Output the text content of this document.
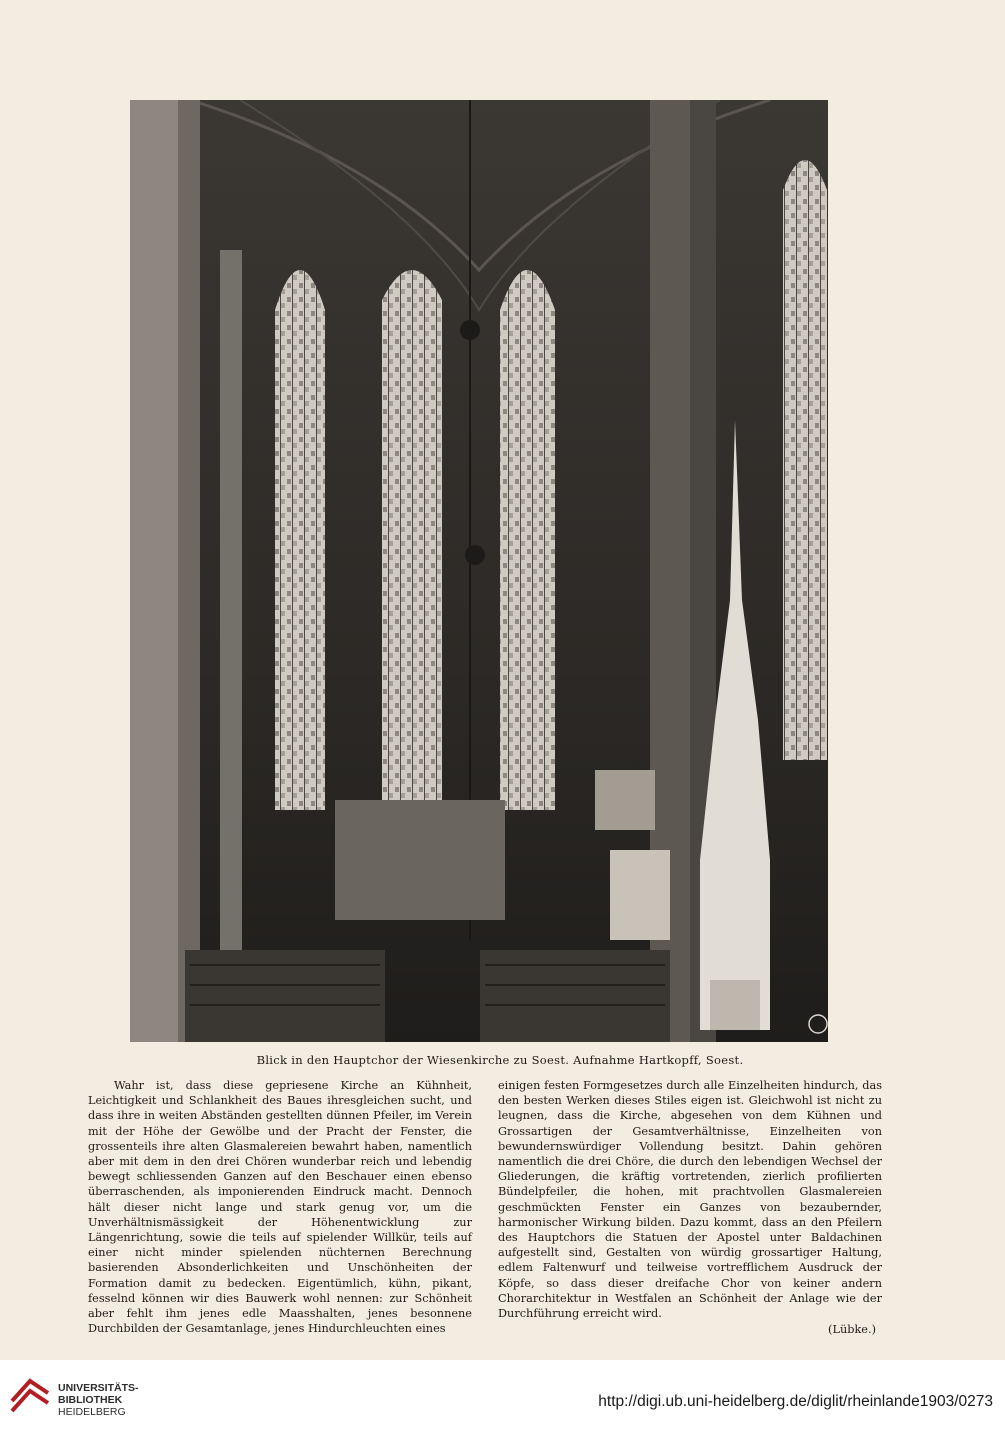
Blick in den Hauptchor der Wiesenkirche zu Soest. Aufnahme Hartkopff, Soest.

Wahr ist, dass diese gepriesene Kirche an Kühnheit, Leichtigkeit und Schlankheit des Baues ihresgleichen sucht, und dass ihre in weiten Abständen gestellten dünnen Pfeiler, im Verein mit der Höhe der Gewölbe und der Pracht der Fenster, die grossenteils ihre alten Glasmalereien bewahrt haben, namentlich aber mit dem in den drei Chören wunderbar reich und lebendig bewegt schliessenden Ganzen auf den Beschauer einen ebenso überraschenden, als imponierenden Eindruck macht. Dennoch hält dieser nicht lange und stark genug vor, um die Unverhältnismässigkeit der Höhenentwicklung zur Längenrichtung, sowie die teils auf spielender Willkür, teils auf einer nicht minder spielenden nüchternen Berechnung basierenden Absonderlichkeiten und Unschönheiten der Formation damit zu bedecken. Eigentümlich, kühn, pikant, fesselnd können wir dies Bauwerk wohl nennen: zur Schönheit aber fehlt ihm jenes edle Maasshalten, jenes besonnene Durchbilden der Gesamtanlage, jenes Hindurchleuchten eines

einigen festen Formgesetzes durch alle Einzelheiten hindurch, das den besten Werken dieses Stiles eigen ist. Gleichwohl ist nicht zu leugnen, dass die Kirche, abgesehen von dem Kühnen und Grossartigen der Gesamtverhältnisse, Einzelheiten von bewundernswürdiger Vollendung besitzt. Dahin gehören namentlich die drei Chöre, die durch den lebendigen Wechsel der Gliederungen, die kräftig vortretenden, zierlich profilierten Bündelpfeiler, die hohen, mit prachtvollen Glasmalereien geschmückten Fenster ein Ganzes von bezaubernder, harmonischer Wirkung bilden. Dazu kommt, dass an den Pfeilern des Hauptchors die Statuen der Apostel unter Baldachinen aufgestellt sind, Gestalten von würdig grossartiger Haltung, edlem Faltenwurf und teilweise vortrefflichem Ausdruck der Köpfe, so dass dieser dreifache Chor von keiner andern Chorarchitektur in Westfalen an Schönheit der Anlage wie der Durchführung erreicht wird.

(Lübke.)
UNIVERSITÄTS-
BIBLIOTHEK
HEIDELBERG
http://digi.ub.uni-heidelberg.de/diglit/rheinlande1903/0273
